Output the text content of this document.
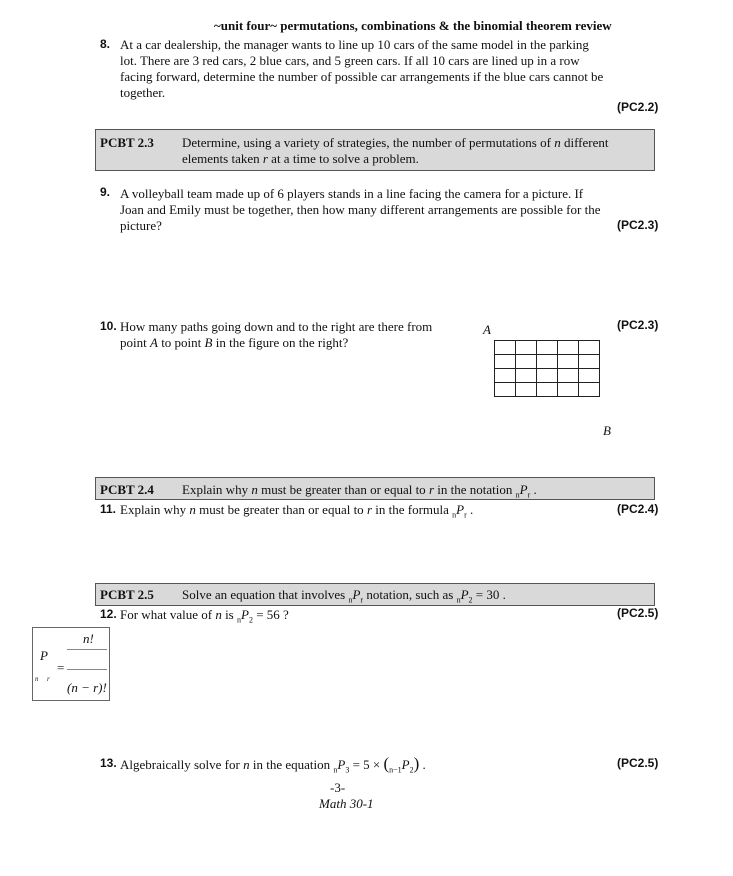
~unit four~ permutations, combinations & the binomial theorem review
8. At a car dealership, the manager wants to line up 10 cars of the same model in the parking
lot. There are 3 red cars, 2 blue cars, and 5 green cars. If all 10 cars are lined up in a row
facing forward, determine the number of possible car arrangements if the blue cars cannot be
together.
(PC2.2)
PCBT 2.3 Determine, using a variety of strategies, the number of permutations of n different
elements taken r at a time to solve a problem.
9. A volleyball team made up of 6 players stands in a line facing the camera for a picture. If
Joan and Emily must be together, then how many different arrangements are possible for the
picture?	(PC2.3)
10. How many paths going down and to the right are there from
point A to point B in the figure on the right?
(PC2.3)
A

B
PCBT 2.4 Explain why n must be greater than or equal to r in the notation $_nP_r$ .
11. Explain why n must be greater than or equal to r in the formula $_nP_r$ .	(PC2.4)
PCBT 2.5 Solve an equation that involves $_nP_r$ notation, such as $_nP_2 = 30$ .
12. For what value of n is $_nP_2 = 56$ ?	(PC2.5)
n!
P
=
n r
(n − r)!
13. Algebraically solve for n in the equation $_nP_3 = 5 \times (_{n-1}P_2)$ .	(PC2.5)
-3-
Math 30-1
